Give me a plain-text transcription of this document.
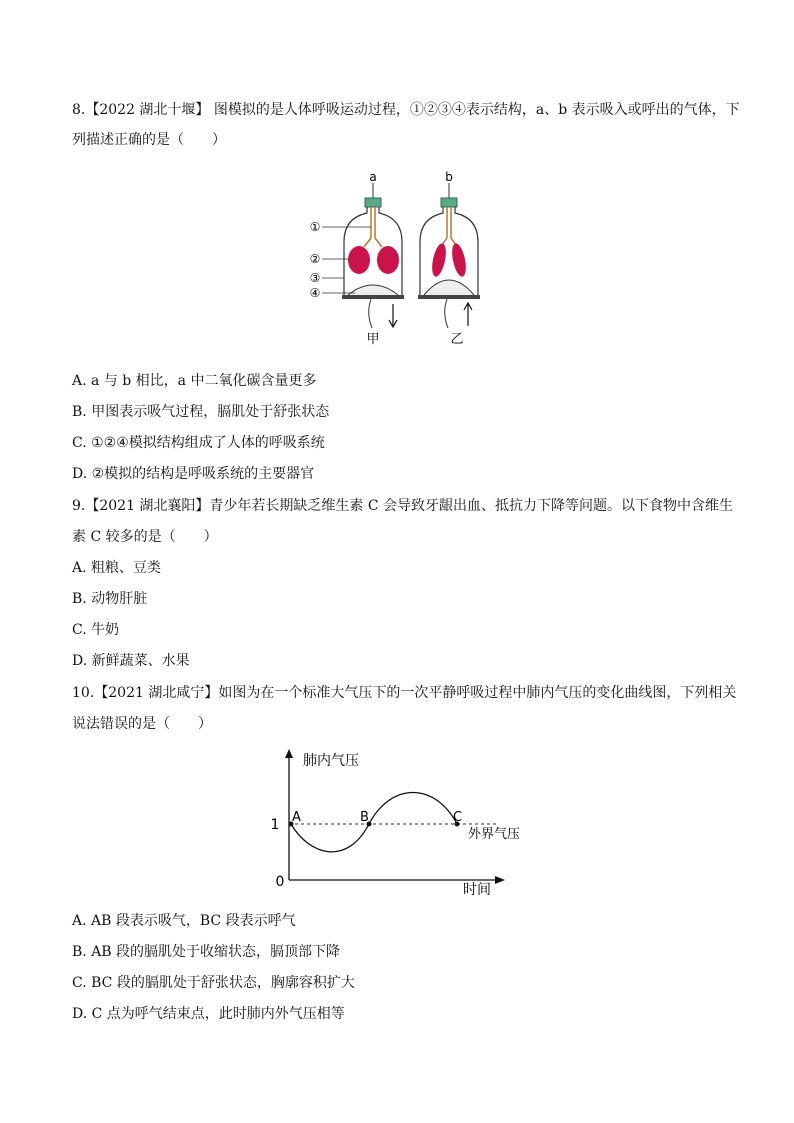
8.【2022 湖北十堰】 图模拟的是人体呼吸运动过程，①②③④表示结构，a、b 表示吸入或呼出的气体，下
列描述正确的是（　　）
a
甲
b
乙
①
②
③
④
A. a 与 b 相比，a 中二氧化碳含量更多
B. 甲图表示吸气过程，膈肌处于舒张状态
C. ①②④模拟结构组成了人体的呼吸系统
D. ②模拟的结构是呼吸系统的主要器官
9.【2021 湖北襄阳】青少年若长期缺乏维生素 C 会导致牙龈出血、抵抗力下降等问题。以下食物中含维生
素 C 较多的是（　　）
A. 粗粮、豆类
B. 动物肝脏
C. 牛奶
D. 新鲜蔬菜、水果
10.【2021 湖北咸宁】如图为在一个标准大气压下的一次平静呼吸过程中肺内气压的变化曲线图，下列相关
说法错误的是（　　）
肺内气压
时间
1
0
外界气压
A	B	C
A. AB 段表示吸气，BC 段表示呼气
B. AB 段的膈肌处于收缩状态，膈顶部下降
C. BC 段的膈肌处于舒张状态，胸廓容积扩大
D. C 点为呼气结束点，此时肺内外气压相等
